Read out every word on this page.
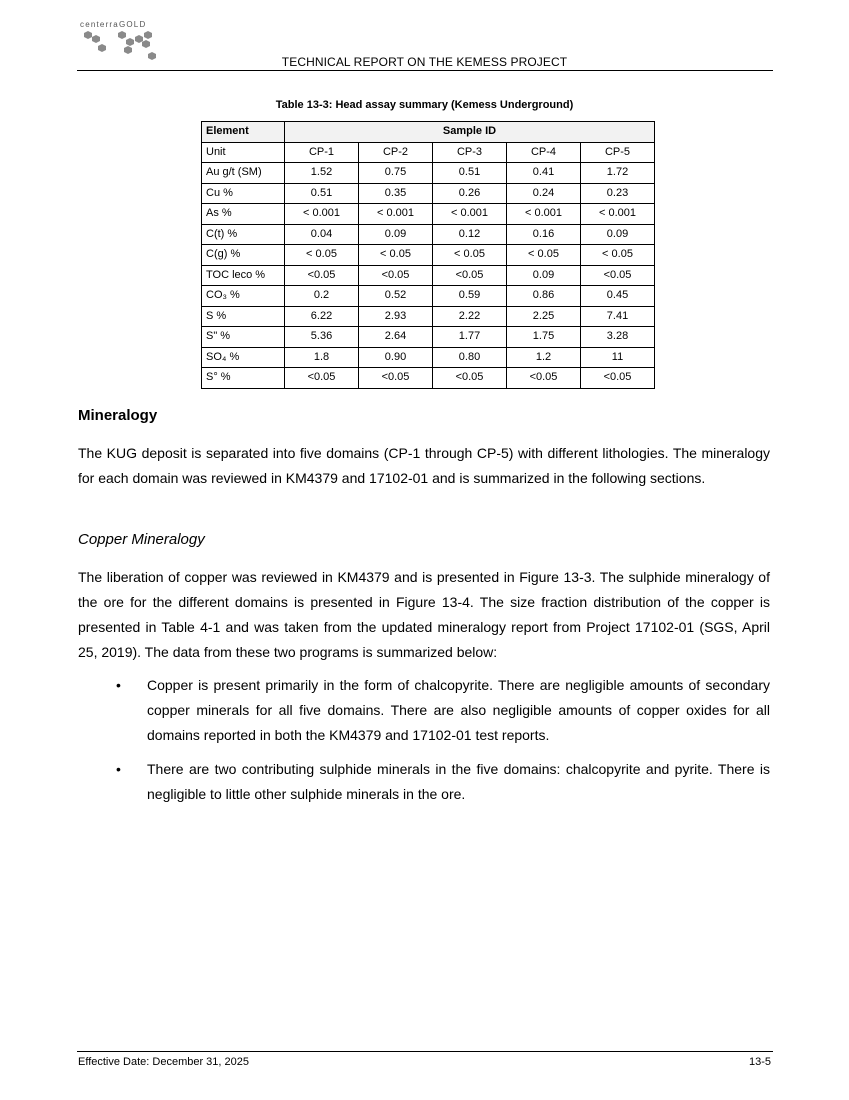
centerraGOLD
TECHNICAL REPORT ON THE KEMESS PROJECT
Table 13-3: Head assay summary (Kemess Underground)
Element	Sample ID				
Unit	CP-1	CP-2	CP-3	CP-4	CP-5
Au g/t (SM)	1.52	0.75	0.51	0.41	1.72
Cu %	0.51	0.35	0.26	0.24	0.23
As %	< 0.001	< 0.001	< 0.001	< 0.001	< 0.001
C(t) %	0.04	0.09	0.12	0.16	0.09
C(g) %	< 0.05	< 0.05	< 0.05	< 0.05	< 0.05
TOC leco %	<0.05	<0.05	<0.05	0.09	<0.05
CO₃ %	0.2	0.52	0.59	0.86	0.45
S %	6.22	2.93	2.22	2.25	7.41
S" %	5.36	2.64	1.77	1.75	3.28
SO₄ %	1.8	0.90	0.80	1.2	11
S° %	<0.05	<0.05	<0.05	<0.05	<0.05
Mineralogy
The KUG deposit is separated into five domains (CP-1 through CP-5) with different lithologies. The mineralogy for each domain was reviewed in KM4379 and 17102-01 and is summarized in the following sections.
Copper Mineralogy
The liberation of copper was reviewed in KM4379 and is presented in Figure 13-3. The sulphide mineralogy of the ore for the different domains is presented in Figure 13-4. The size fraction distribution of the copper is presented in Table 4-1 and was taken from the updated mineralogy report from Project 17102-01 (SGS, April 25, 2019). The data from these two programs is summarized below:
• Copper is present primarily in the form of chalcopyrite. There are negligible amounts of secondary copper minerals for all five domains. There are also negligible amounts of copper oxides for all domains reported in both the KM4379 and 17102-01 test reports.
• There are two contributing sulphide minerals in the five domains: chalcopyrite and pyrite. There is negligible to little other sulphide minerals in the ore.
Effective Date: December 31, 2025	13-5
